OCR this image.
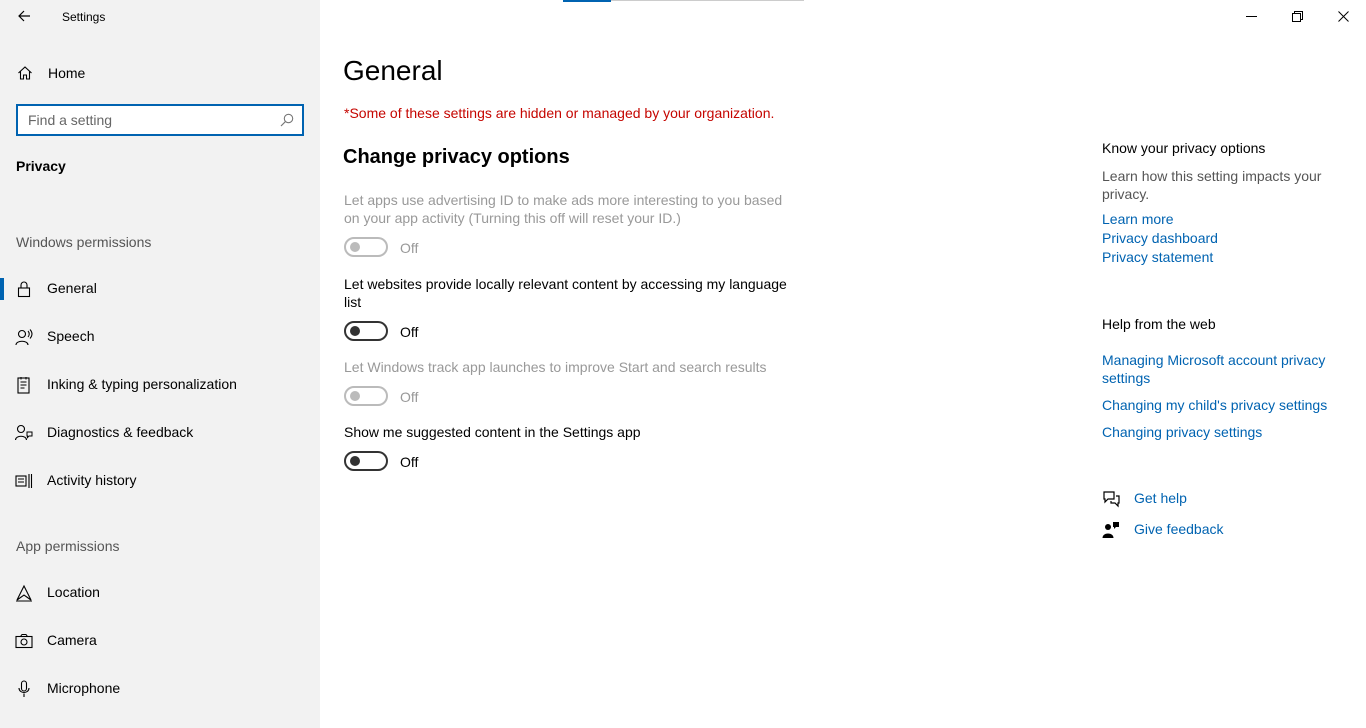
Settings
Home
Find a setting
Privacy
Windows permissions
General
Speech
Inking & typing personalization
Diagnostics & feedback
Activity history
App permissions
Location
Camera
Microphone
General
*Some of these settings are hidden or managed by your organization.
Change privacy options
Let apps use advertising ID to make ads more interesting to you based on your app activity (Turning this off will reset your ID.)
Off
Let websites provide locally relevant content by accessing my language list
Off
Let Windows track app launches to improve Start and search results
Off
Show me suggested content in the Settings app
Off
Know your privacy options
Learn how this setting impacts your privacy.
Learn more
Privacy dashboard
Privacy statement
Help from the web
Managing Microsoft account privacy settings
Changing my child's privacy settings
Changing privacy settings
Get help
Give feedback
